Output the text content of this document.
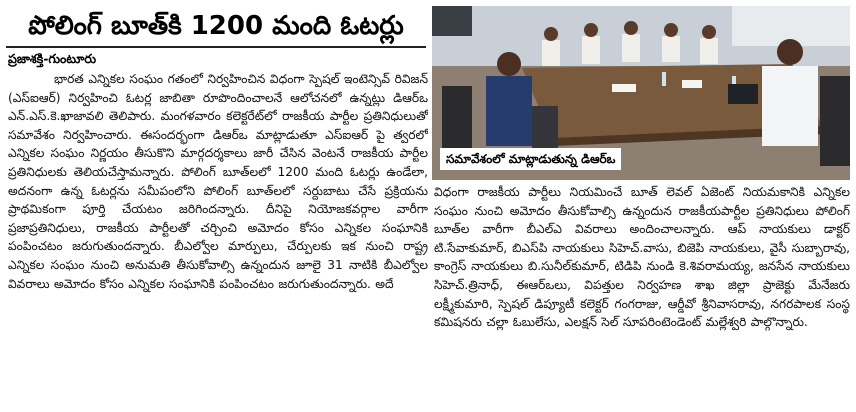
పోలింగ్ బూత్‌కి 1200 మంది ఓటర్లు
ప్రజాశక్తి-గుంటూరు

భారత ఎన్నికల సంఘం గతంలో నిర్వహించిన విధంగా స్పెషల్ ఇంటెన్సివ్ రివిజన్ (ఎస్ఐఆర్) నిర్వహించి ఓటర్ల జాబితా రూపొందించాలనే ఆలోచనలో ఉన్నట్లు డిఆర్‌ఒ ఎన్.ఎస్.కె.ఖాజావలి తెలిపారు. మంగళవారం కలెక్టరేట్‌లో రాజకీయ పార్టీల ప్రతినిధులుతో సమావేశం నిర్వహించారు. ఈసందర్భంగా డిఆర్‌ఒ మాట్లాడుతూ ఎస్ఐఆర్ పై త్వరలో ఎన్నికల సంఘం నిర్ణయం తీసుకొని మార్గదర్శకాలు జారీ చేసిన వెంటనే రాజకీయ పార్టీల ప్రతినిధులకు తెలియచేస్తామన్నారు. పోలింగ్ బూత్‌లలో 1200 మంది ఓటర్లు ఉండేలా, అదనంగా ఉన్న ఓటర్లను సమీపంలోని పోలింగ్ బూత్‌లలో సర్దుబాటు చేసే ప్రక్రియను ప్రాథమికంగా పూర్తి చేయటం జరిగిందన్నారు. దీనిపై నియోజకవర్గాల వారీగా ప్రజాప్రతినిధులు, రాజకీయ పార్టీలతో చర్చించి అమోదం కోసం ఎన్నికల సంఘానికి పంపించటం జరుగుతుందన్నారు. బీఎల్వోల మార్పులు, చేర్పులకు ఇక నుంచి రాష్ట్ర ఎన్నికల సంఘం నుంచి అనుమతి తీసుకోవాల్సి ఉన్నందున జూలై 31 నాటికి బీఎల్వోల వివరాలు అమోదం కోసం ఎన్నికల సంఘానికి పంపించటం జరుగుతుందన్నారు. అదే

సమావేశంలో మాట్లాడుతున్న డిఆర్‌ఒ

విధంగా రాజకీయ పార్టీలు నియమించే బూత్ లెవల్ ఏజెంట్ నియమకానికి ఎన్నికల సంఘం నుంచి అమోదం తీసుకోవాల్సి ఉన్నందున రాజకీయపార్టీల ప్రతినిధులు పోలింగ్ బూత్‌ల వారీగా బీఎల్ఎ వివరాలు అందించాలన్నారు. ఆప్ నాయకులు డాక్టర్ టి.సేవాకుమార్, బిఎస్‌పి నాయకులు సిహెచ్.వాసు, బిజెపి నాయకులు, వైసీ సుబ్బారావు, కాంగ్రెస్ నాయకులు బి.సునీల్‌కుమార్, టిడిపి నుండి కె.శివరామయ్య, జనసేన నాయకులు సిహెచ్.త్రినాధ్, ఈఆర్‌ఒలు, విపత్తుల నిర్వహణ శాఖ జిల్లా ప్రాజెక్టు మేనేజరు లక్ష్మీకుమారి, స్పెషల్ డిప్యూటీ కలెక్టర్ గంగరాజు, ఆర్డీవో శ్రీనివాసరావు, నగరపాలక సంస్థ కమిషనరు చల్లా ఓబులేసు, ఎలక్షన్ సెల్ సూపరింటెండెంట్ మల్లేశ్వరి పాల్గొన్నారు.
